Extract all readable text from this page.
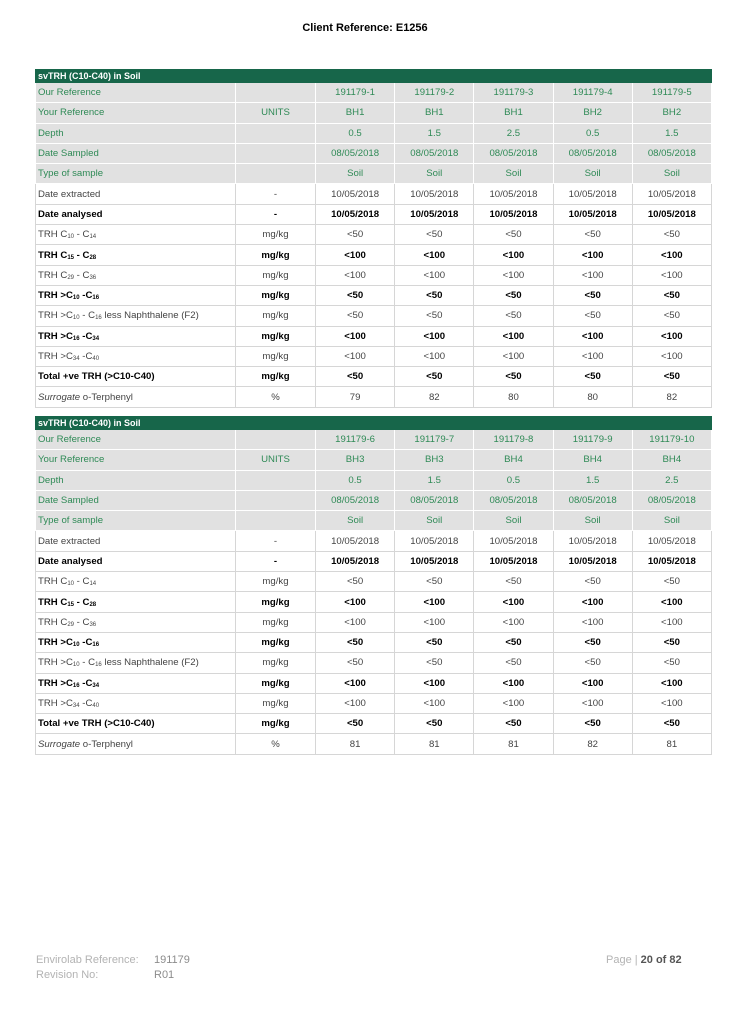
Client Reference: E1256
svTRH (C10-C40) in Soil						
Our Reference		191179-1	191179-2	191179-3	191179-4	191179-5
Your Reference	UNITS	BH1	BH1	BH1	BH2	BH2
Depth		0.5	1.5	2.5	0.5	1.5
Date Sampled		08/05/2018	08/05/2018	08/05/2018	08/05/2018	08/05/2018
Type of sample		Soil	Soil	Soil	Soil	Soil
Date extracted	-	10/05/2018	10/05/2018	10/05/2018	10/05/2018	10/05/2018
Date analysed	-	10/05/2018	10/05/2018	10/05/2018	10/05/2018	10/05/2018
TRH $C_{10} - C_{14}$	mg/kg	<50	<50	<50	<50	<50
TRH $C_{15} - C_{28}$	mg/kg	<100	<100	<100	<100	<100
TRH $C_{29} - C_{36}$	mg/kg	<100	<100	<100	<100	<100
TRH $>C_{10}$ $-C_{16}$	mg/kg	<50	<50	<50	<50	<50
TRH $>C_{10} - C_{16}$ less Naphthalene (F2)	mg/kg	<50	<50	<50	<50	<50
TRH $>C_{16}$ $-C_{34}$	mg/kg	<100	<100	<100	<100	<100
TRH $>C_{34}$ $-C_{40}$	mg/kg	<100	<100	<100	<100	<100
Total +ve TRH (>C10-C40)	mg/kg	<50	<50	<50	<50	<50
Surrogate o-Terphenyl	%	79	82	80	80	82
svTRH (C10-C40) in Soil						
Our Reference		191179-6	191179-7	191179-8	191179-9	191179-10
Your Reference	UNITS	BH3	BH3	BH4	BH4	BH4
Depth		0.5	1.5	0.5	1.5	2.5
Date Sampled		08/05/2018	08/05/2018	08/05/2018	08/05/2018	08/05/2018
Type of sample		Soil	Soil	Soil	Soil	Soil
Date extracted	-	10/05/2018	10/05/2018	10/05/2018	10/05/2018	10/05/2018
Date analysed	-	10/05/2018	10/05/2018	10/05/2018	10/05/2018	10/05/2018
TRH $C_{10} - C_{14}$	mg/kg	<50	<50	<50	<50	<50
TRH $C_{15} - C_{28}$	mg/kg	<100	<100	<100	<100	<100
TRH $C_{29} - C_{36}$	mg/kg	<100	<100	<100	<100	<100
TRH $>C_{10}$ $-C_{16}$	mg/kg	<50	<50	<50	<50	<50
TRH $>C_{10} - C_{16}$ less Naphthalene (F2)	mg/kg	<50	<50	<50	<50	<50
TRH $>C_{16}$ $-C_{34}$	mg/kg	<100	<100	<100	<100	<100
TRH $>C_{34}$ $-C_{40}$	mg/kg	<100	<100	<100	<100	<100
Total +ve TRH (>C10-C40)	mg/kg	<50	<50	<50	<50	<50
Surrogate o-Terphenyl	%	81	81	81	82	81
Envirolab Reference:	191179
Revision No:	R01
Page | 20 of 82
